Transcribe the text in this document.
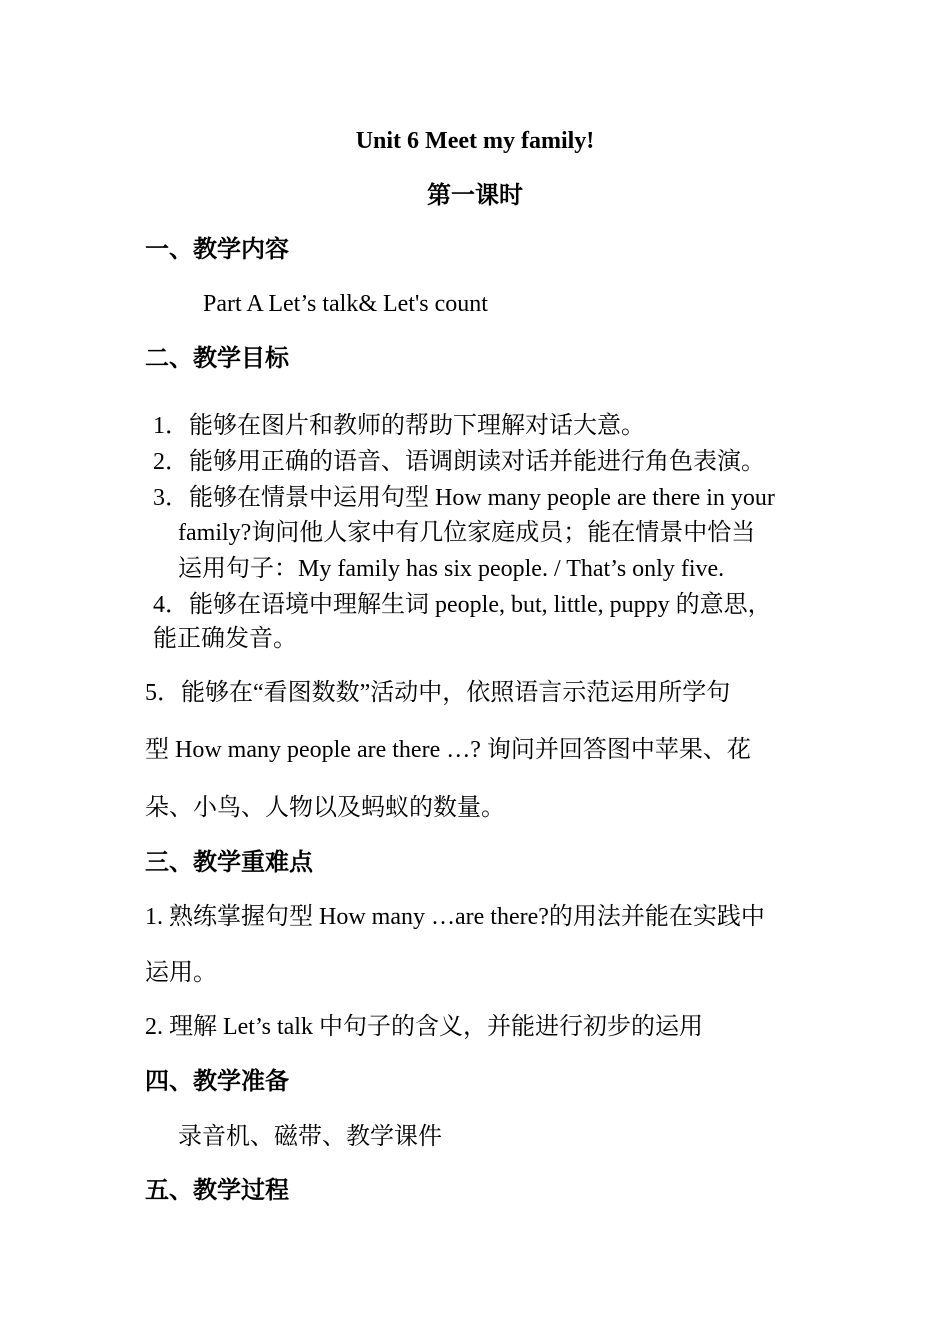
Unit 6 Meet my family!
第一课时
一、教学内容
Part A Let’s talk& Let's count
二、教学目标
1．能够在图片和教师的帮助下理解对话大意。
2．能够用正确的语音、语调朗读对话并能进行角色表演。
3．能够在情景中运用句型 How many people are there in your
family?询问他人家中有几位家庭成员；能在情景中恰当
运用句子：My family has six people. / That’s only five.
4．能够在语境中理解生词 people, but, little, puppy 的意思，
能正确发音。
5．能够在“看图数数”活动中，依照语言示范运用所学句
型 How many people are there …? 询问并回答图中苹果、花
朵、小鸟、人物以及蚂蚁的数量。
三、教学重难点
1. 熟练掌握句型 How many …are there?的用法并能在实践中
运用。
2. 理解 Let’s talk 中句子的含义，并能进行初步的运用
四、教学准备
录音机、磁带、教学课件
五、教学过程
